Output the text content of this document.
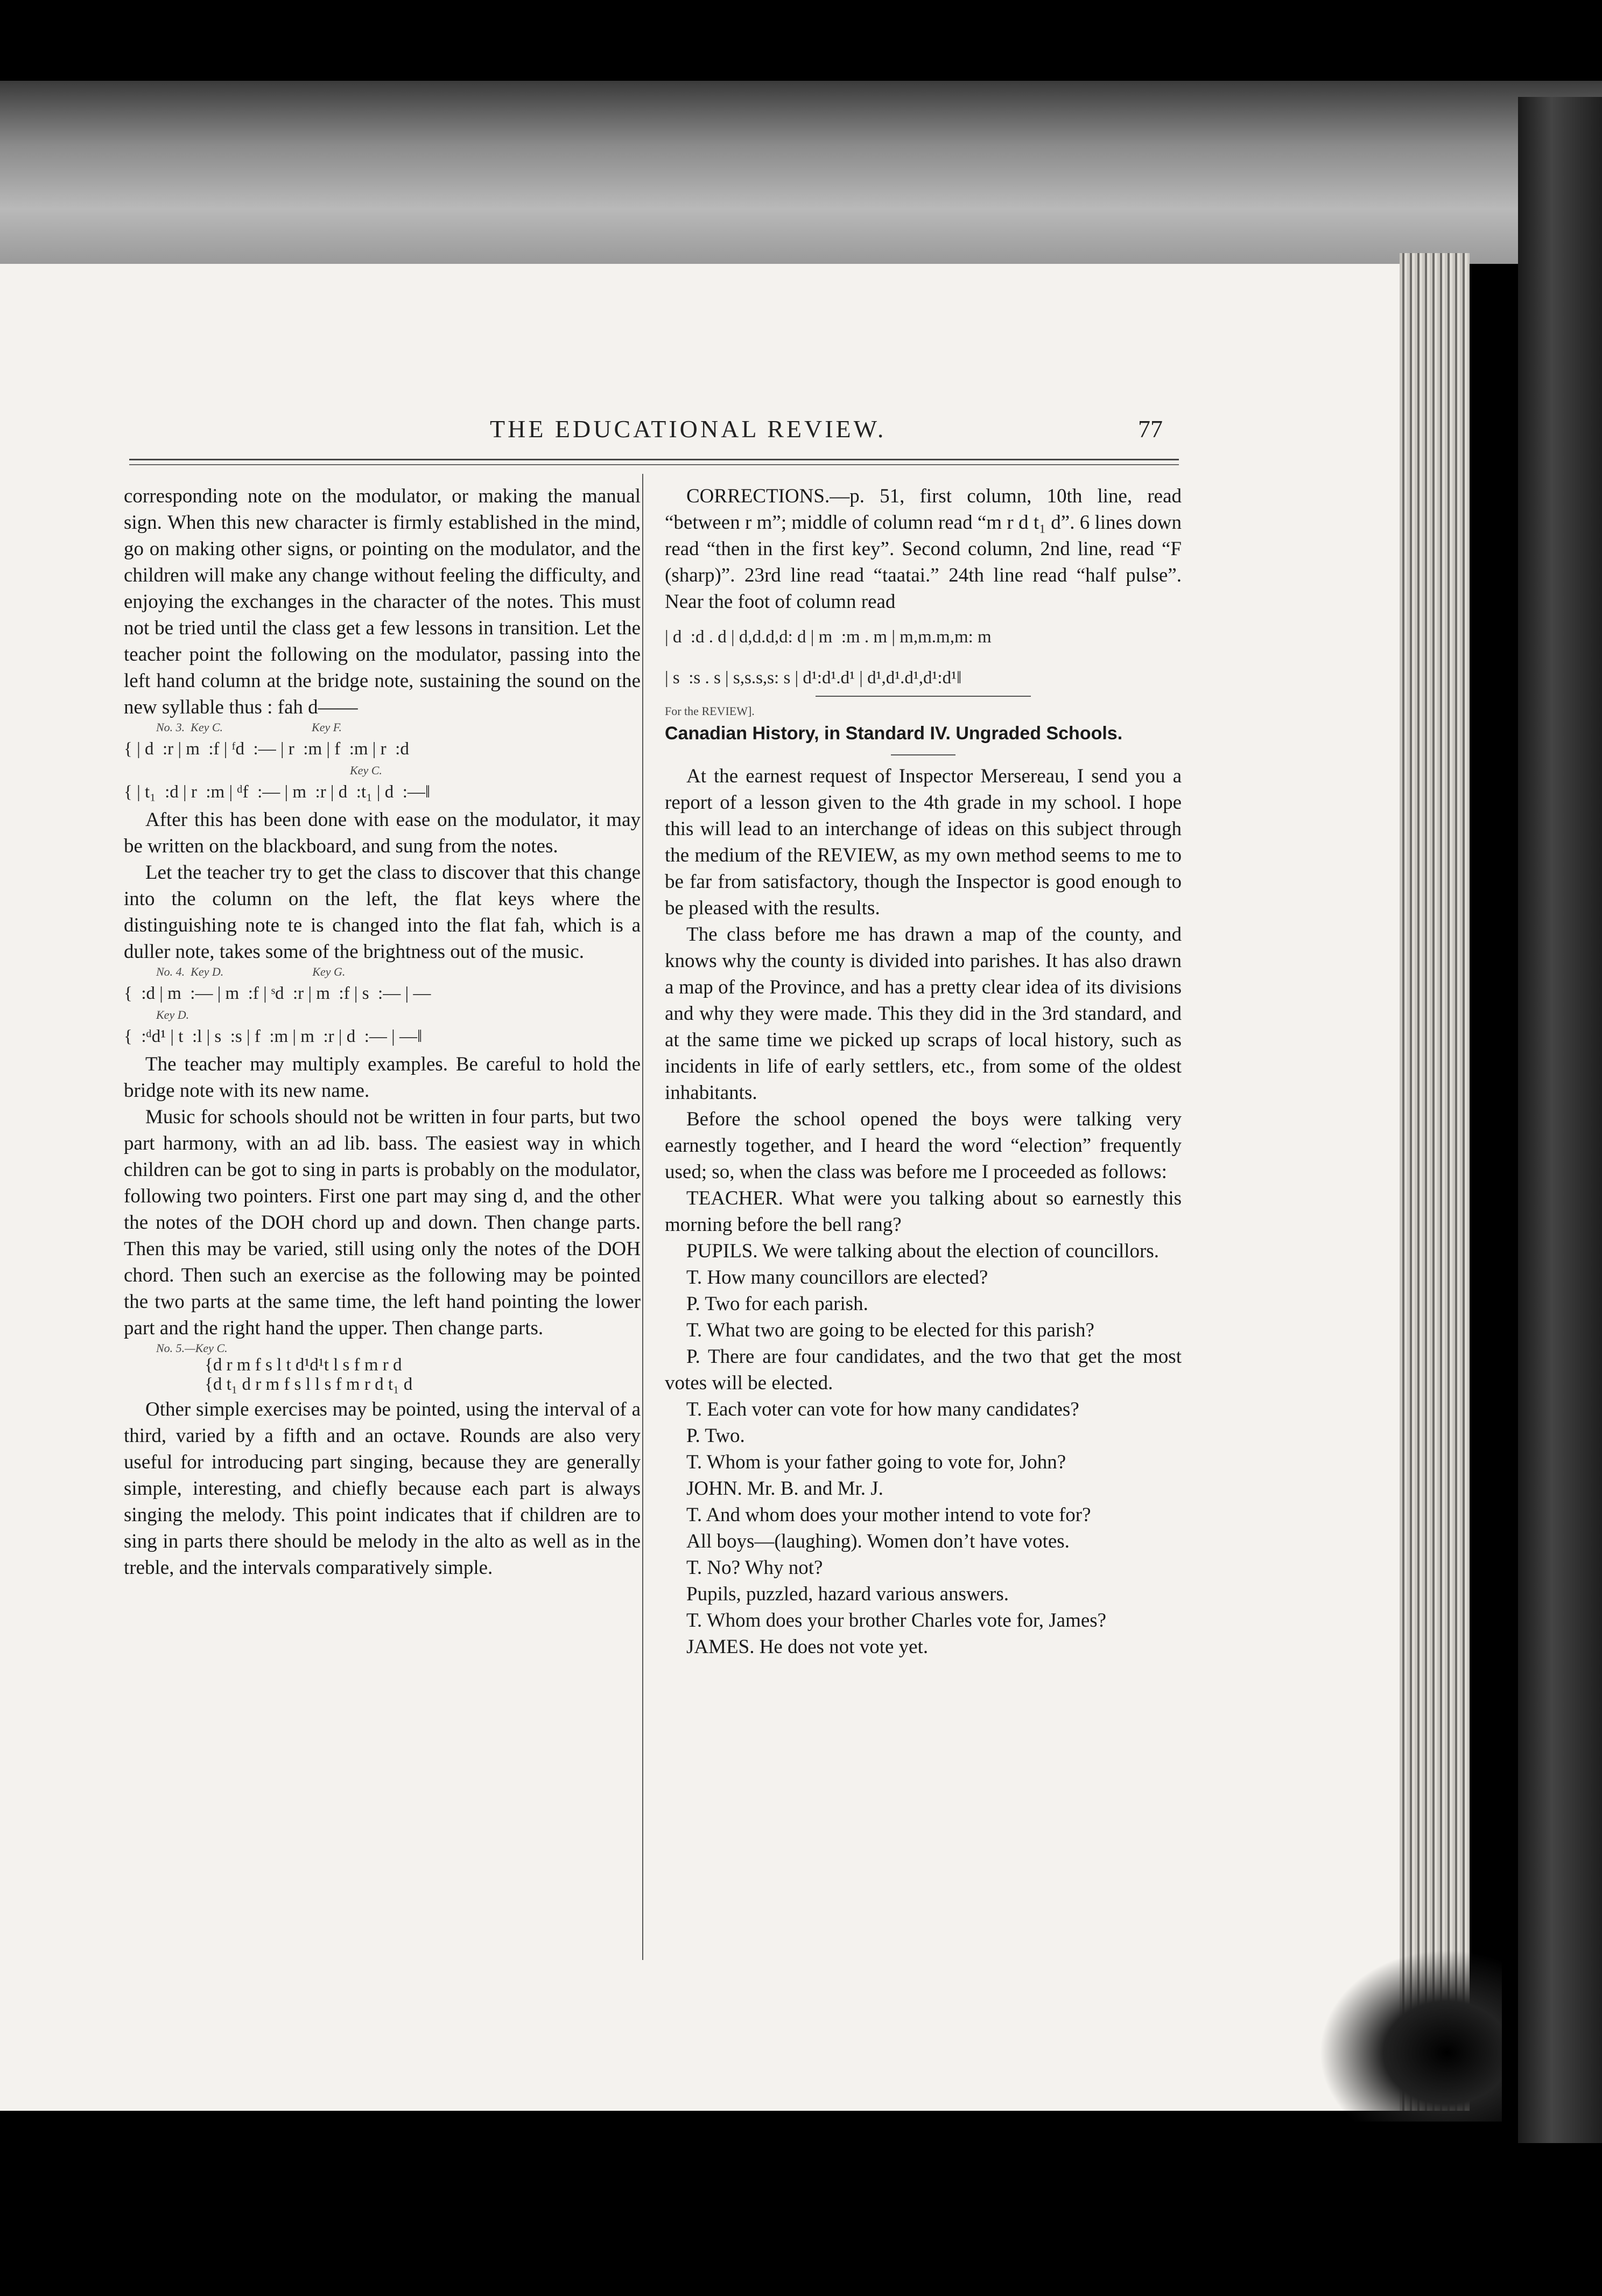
THE EDUCATIONAL REVIEW.	77

corresponding note on the modulator, or making the manual sign. When this new character is firmly established in the mind, go on making other signs, or pointing on the modulator, and the children will make any change without feeling the difficulty, and enjoying the exchanges in the character of the notes. This must not be tried until the class get a few lessons in transition. Let the teacher point the following on the modulator, passing into the left hand column at the bridge note, sustaining the sound on the new syllable thus : fah d——

No. 3.  Key C.                              Key F.
{ | d  :r | m  :f | ᶠd  :— | r  :m | f  :m | r  :d
Key C.
{ | t₁  :d | r  :m | ᵈf  :— | m  :r | d  :t₁ | d  :—‖

After this has been done with ease on the modulator, it may be written on the blackboard, and sung from the notes.

Let the teacher try to get the class to discover that this change into the column on the left, the flat keys where the distinguishing note te is changed into the flat fah, which is a duller note, takes some of the brightness out of the music.

No. 4.  Key D.                              Key G.
{  :d | m  :— | m  :f | ˢd  :r | m  :f | s  :— | —
Key D.
{  :ᵈd¹ | t  :l | s  :s | f  :m | m  :r | d  :— | —‖

The teacher may multiply examples. Be careful to hold the bridge note with its new name.

Music for schools should not be written in four parts, but two part harmony, with an ad lib. bass. The easiest way in which children can be got to sing in parts is probably on the modulator, following two pointers. First one part may sing d, and the other the notes of the DOH chord up and down. Then change parts. Then this may be varied, still using only the notes of the DOH chord. Then such an exercise as the following may be pointed the two parts at the same time, the left hand pointing the lower part and the right hand the upper. Then change parts.

No. 5.—Key C.
{d r m f s l t d¹d¹t l s f m r d
{d t₁ d r m f s l l s f m r d t₁ d

Other simple exercises may be pointed, using the interval of a third, varied by a fifth and an octave. Rounds are also very useful for introducing part singing, because they are generally simple, interesting, and chiefly because each part is always singing the melody. This point indicates that if children are to sing in parts there should be melody in the alto as well as in the treble, and the intervals comparatively simple.

CORRECTIONS.—p. 51, first column, 10th line, read “between r m”; middle of column read “m r d t₁ d”. 6 lines down read “then in the first key”. Second column, 2nd line, read “F (sharp)”. 23rd line read “taatai.” 24th line read “half pulse”. Near the foot of column read

| d  :d . d | d,d.d,d: d | m  :m . m | m,m.m,m: m
| s  :s . s | s,s.s,s: s | d¹:d¹.d¹ | d¹,d¹.d¹,d¹:d¹‖
For the REVIEW].
Canadian History, in Standard IV. Ungraded Schools.

At the earnest request of Inspector Mersereau, I send you a report of a lesson given to the 4th grade in my school. I hope this will lead to an interchange of ideas on this subject through the medium of the REVIEW, as my own method seems to me to be far from satisfactory, though the Inspector is good enough to be pleased with the results.

The class before me has drawn a map of the county, and knows why the county is divided into parishes. It has also drawn a map of the Province, and has a pretty clear idea of its divisions and why they were made. This they did in the 3rd standard, and at the same time we picked up scraps of local history, such as incidents in life of early settlers, etc., from some of the oldest inhabitants.

Before the school opened the boys were talking very earnestly together, and I heard the word “election” frequently used; so, when the class was before me I proceeded as follows:

TEACHER. What were you talking about so earnestly this morning before the bell rang?

PUPILS. We were talking about the election of councillors.

T. How many councillors are elected?

P. Two for each parish.

T. What two are going to be elected for this parish?

P. There are four candidates, and the two that get the most votes will be elected.

T. Each voter can vote for how many candidates?

P. Two.

T. Whom is your father going to vote for, John?

JOHN. Mr. B. and Mr. J.

T. And whom does your mother intend to vote for?

All boys—(laughing). Women don’t have votes.

T. No? Why not?

Pupils, puzzled, hazard various answers.

T. Whom does your brother Charles vote for, James?

JAMES. He does not vote yet.
